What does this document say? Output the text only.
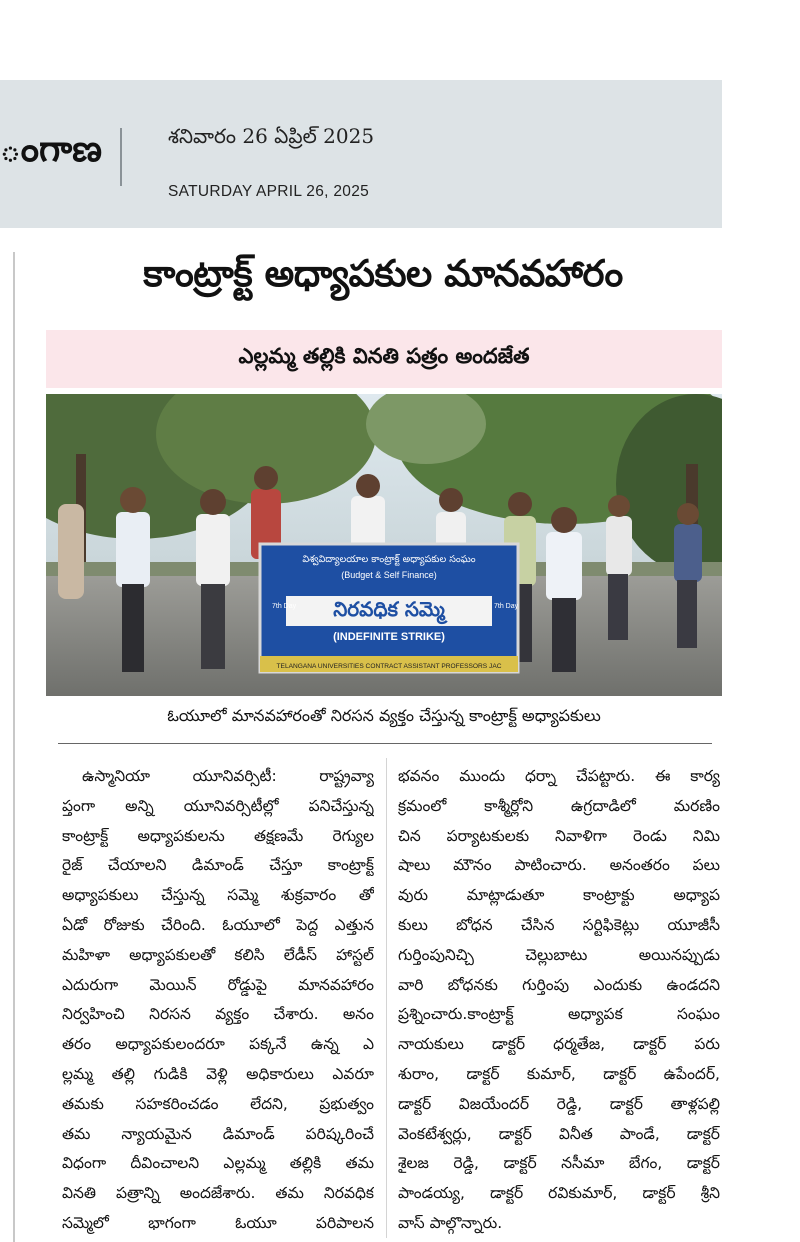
ంగాణ	శనివారం 26 ఏప్రిల్ 2025
SATURDAY APRIL 26, 2025
కాంట్రాక్ట్ అధ్యాపకుల మానవహారం
ఎల్లమ్మ తల్లికి వినతి పత్రం అందజేత
విశ్వవిద్యాలయాల కాంట్రాక్ట్ అధ్యాపకుల సంఘం
(Budget & Self Finance)
నిరవధిక సమ్మె
(INDEFINITE STRIKE)
7th Day	7th Day
TELANGANA UNIVERSITIES CONTRACT ASSISTANT PROFESSORS JAC
ఓయూలో మానవహారంతో నిరసన వ్యక్తం చేస్తున్న కాంట్రాక్ట్ అధ్యాపకులు
ఉస్మానియా యూనివర్సిటీ: రాష్ట్రవ్యా
ప్తంగా అన్ని యూనివర్సిటీల్లో పనిచేస్తున్న
కాంట్రాక్ట్ అధ్యాపకులను తక్షణమే రెగ్యుల
రైజ్ చేయాలని డిమాండ్ చేస్తూ కాంట్రాక్ట్
అధ్యాపకులు చేస్తున్న సమ్మె శుక్రవారం తో
ఏడో రోజుకు చేరింది. ఓయూలో పెద్ద ఎత్తున
మహిళా అధ్యాపకులతో కలిసి లేడీస్ హాస్టల్
ఎదురుగా మెయిన్ రోడ్డుపై మానవహారం
నిర్వహించి నిరసన వ్యక్తం చేశారు. అనం
తరం అధ్యాపకులందరూ పక్కనే ఉన్న ఎ
ల్లమ్మ తల్లి గుడికి వెళ్లి అధికారులు ఎవరూ
తమకు సహకరించడం లేదని, ప్రభుత్వం
తమ న్యాయమైన డిమాండ్ పరిష్కరించే
విధంగా దీవించాలని ఎల్లమ్మ తల్లికి తమ
వినతి పత్రాన్ని అందజేశారు. తమ నిరవధిక
సమ్మెలో భాగంగా ఓయూ పరిపాలన
భవనం ముందు ధర్నా చేపట్టారు. ఈ కార్య
క్రమంలో కాశ్మీర్లోని ఉగ్రదాడిలో మరణిం
చిన పర్యాటకులకు నివాళిగా రెండు నిమి
షాలు మౌనం పాటించారు. అనంతరం పలు
వురు మాట్లాడుతూ కాంట్రాక్టు అధ్యాప
కులు బోధన చేసిన సర్టిఫికెట్లు యూజీసీ
గుర్తింపునిచ్చి చెల్లుబాటు అయినప్పుడు
వారి బోధనకు గుర్తింపు ఎందుకు ఉండదని
ప్రశ్నించారు.కాంట్రాక్ట్ అధ్యాపక సంఘం
నాయకులు డాక్టర్ ధర్మతేజ, డాక్టర్ పరు
శురాం, డాక్టర్ కుమార్, డాక్టర్ ఉపేందర్,
డాక్టర్ విజయేందర్ రెడ్డి, డాక్టర్ తాళ్లపల్లి
వెంకటేశ్వర్లు, డాక్టర్ వినీత పాండే, డాక్టర్
శైలజ రెడ్డి, డాక్టర్ నసీమా బేగం, డాక్టర్
పాండయ్య, డాక్టర్ రవికుమార్, డాక్టర్ శ్రీని
వాస్ పాల్గొన్నారు.
